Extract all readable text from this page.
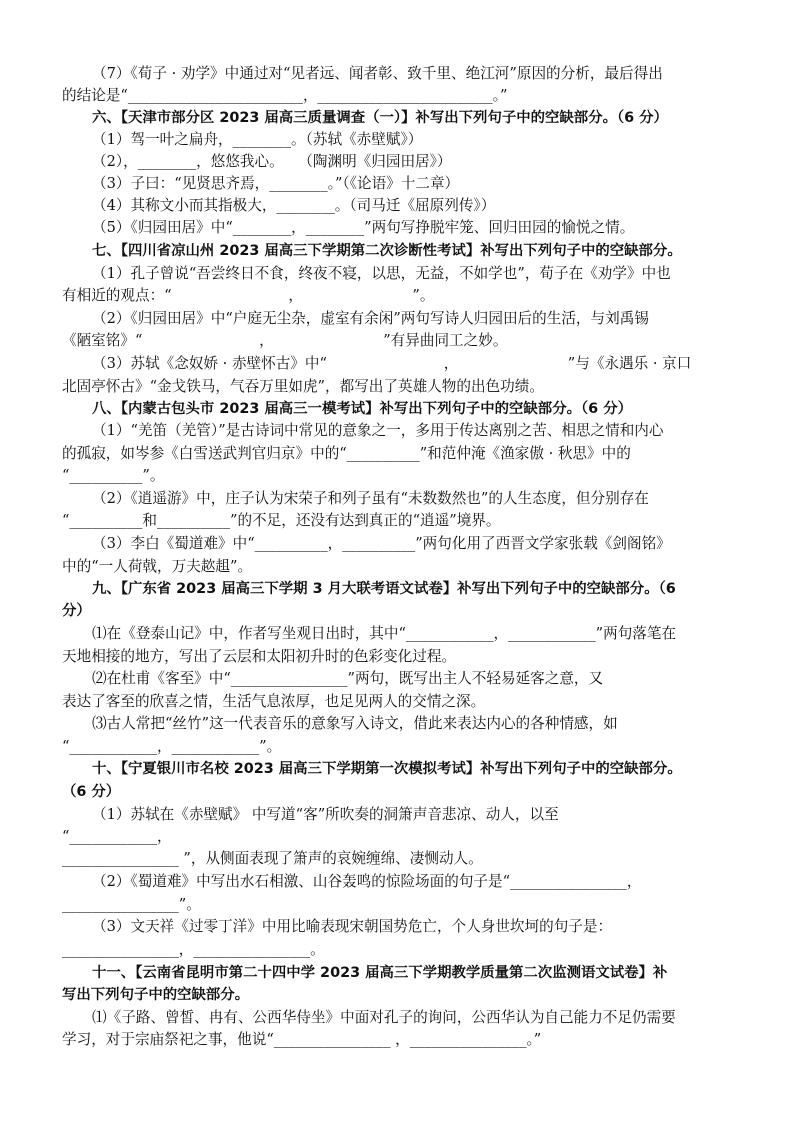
（7）《荀子 · 劝学》中通过对“见者远、闻者彰、致千里、绝江河”原因的分析，最后得出
的结论是“________________________，________________________。”
六、【天津市部分区 2023 届高三质量调查（一）】补写出下列句子中的空缺部分。（6 分）
（1）驾一叶之扁舟，________。（苏轼《赤壁赋》）
（2），________，悠悠我心。　　（陶渊明《归园田居》）
（3）子曰：“见贤思齐焉，________。”（《论语》十二章）
（4）其称文小而其指极大，________。（司马迁《屈原列传》）
（5）《归园田居》中“________，________”两句写挣脱牢笼、回归田园的愉悦之情。
七、【四川省凉山州 2023 届高三下学期第二次诊断性考试】补写出下列句子中的空缺部分。
（1）孔子曾说“吾尝终日不食，终夜不寝，以思，无益，不如学也”，荀子在《劝学》中也
有相近的观点：“　　　　　　　　，　　　　　　　　”。
（2）《归园田居》中“户庭无尘杂，虚室有余闲”两句写诗人归园田后的生活，与刘禹锡
《陋室铭》“　　　　　　　　，　　　　　　　　”有异曲同工之妙。
（3）苏轼《念奴娇 · 赤壁怀古》中“　　　　　　　　，　　　　　　　　”与《永遇乐 · 京口
北固亭怀古》“金戈铁马，气吞万里如虎”，都写出了英雄人物的出色功绩。
八、【内蒙古包头市 2023 届高三一模考试】补写出下列句子中的空缺部分。（6 分）
（1）“羌笛（羌管）”是古诗词中常见的意象之一，多用于传达离别之苦、相思之情和内心
的孤寂，如岑参《白雪送武判官归京》中的“__________”和范仲淹《渔家傲 · 秋思》中的
“__________”。
（2）《逍遥游》中，庄子认为宋荣子和列子虽有“未数数然也”的人生态度，但分别存在
“__________和__________”的不足，还没有达到真正的“逍遥”境界。
（3）李白《蜀道难》中“__________，__________”两句化用了西晋文学家张载《剑阁铭》
中的“一人荷戟，万夫趑趄”。
九、【广东省 2023 届高三下学期 3 月大联考语文试卷】补写出下列句子中的空缺部分。（6
分）
⑴在《登泰山记》中，作者写坐观日出时，其中“____________，____________”两句落笔在
天地相接的地方，写出了云层和太阳初升时的色彩变化过程。
⑵在杜甫《客至》中“________________”两句，既写出主人不轻易延客之意，又
表达了客至的欣喜之情，生活气息浓厚，也足见两人的交情之深。
⑶古人常把“丝竹”这一代表音乐的意象写入诗文，借此来表达内心的各种情感，如
“____________，____________”。
十、【宁夏银川市名校 2023 届高三下学期第一次模拟考试】补写出下列句子中的空缺部分。
（6 分）
（1）苏轼在《赤壁赋》 中写道“客”所吹奏的洞箫声音悲凉、动人，以至
“____________，
________________ ”，从侧面表现了箫声的哀婉缠绵、凄恻动人。
（2）《蜀道难》中写出水石相激、山谷轰鸣的惊险场面的句子是“________________，
________________”。
（3）文天祥《过零丁洋》中用比喻表现宋朝国势危亡，个人身世坎坷的句子是：
________________，________________。
十一、【云南省昆明市第二十四中学 2023 届高三下学期教学质量第二次监测语文试卷】补
写出下列句子中的空缺部分。
⑴《子路、曾皙、冉有、公西华侍坐》中面对孔子的询问，公西华认为自己能力不足仍需要
学习，对于宗庙祭祀之事，他说“________________ ，________________。”
